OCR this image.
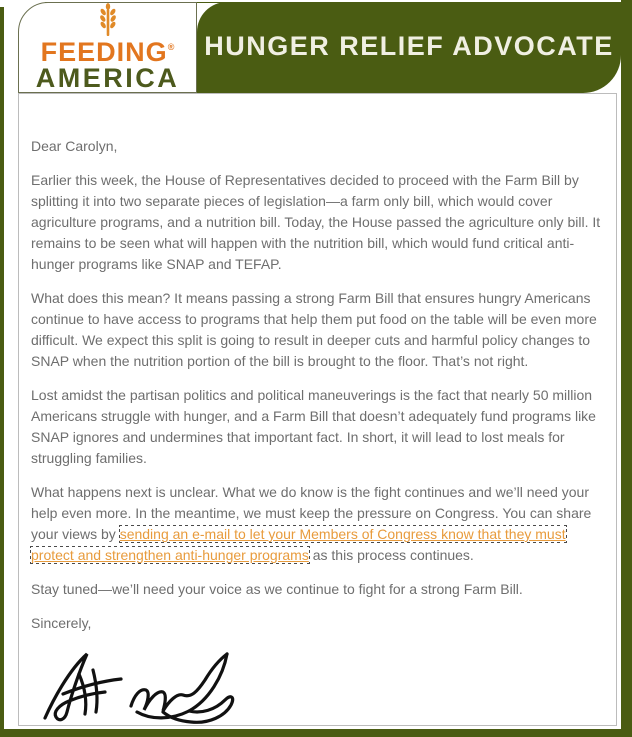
FEEDING®
AMERICA
HUNGER RELIEF ADVOCATE

Dear Carolyn,

Earlier this week, the House of Representatives decided to proceed with the Farm Bill by splitting it into two separate pieces of legislation—a farm only bill, which would cover agriculture programs, and a nutrition bill. Today, the House passed the agriculture only bill. It remains to be seen what will happen with the nutrition bill, which would fund critical anti-hunger programs like SNAP and TEFAP.

What does this mean? It means passing a strong Farm Bill that ensures hungry Americans continue to have access to programs that help them put food on the table will be even more difficult. We expect this split is going to result in deeper cuts and harmful policy changes to SNAP when the nutrition portion of the bill is brought to the floor. That’s not right.

Lost amidst the partisan politics and political maneuverings is the fact that nearly 50 million Americans struggle with hunger, and a Farm Bill that doesn’t adequately fund programs like SNAP ignores and undermines that important fact. In short, it will lead to lost meals for struggling families.

What happens next is unclear. What we do know is the fight continues and we’ll need your help even more. In the meantime, we must keep the pressure on Congress. You can share your views by sending an e-mail to let your Members of Congress know that they must protect and strengthen anti-hunger programs as this process continues.

Stay tuned—we’ll need your voice as we continue to fight for a strong Farm Bill.

Sincerely,
